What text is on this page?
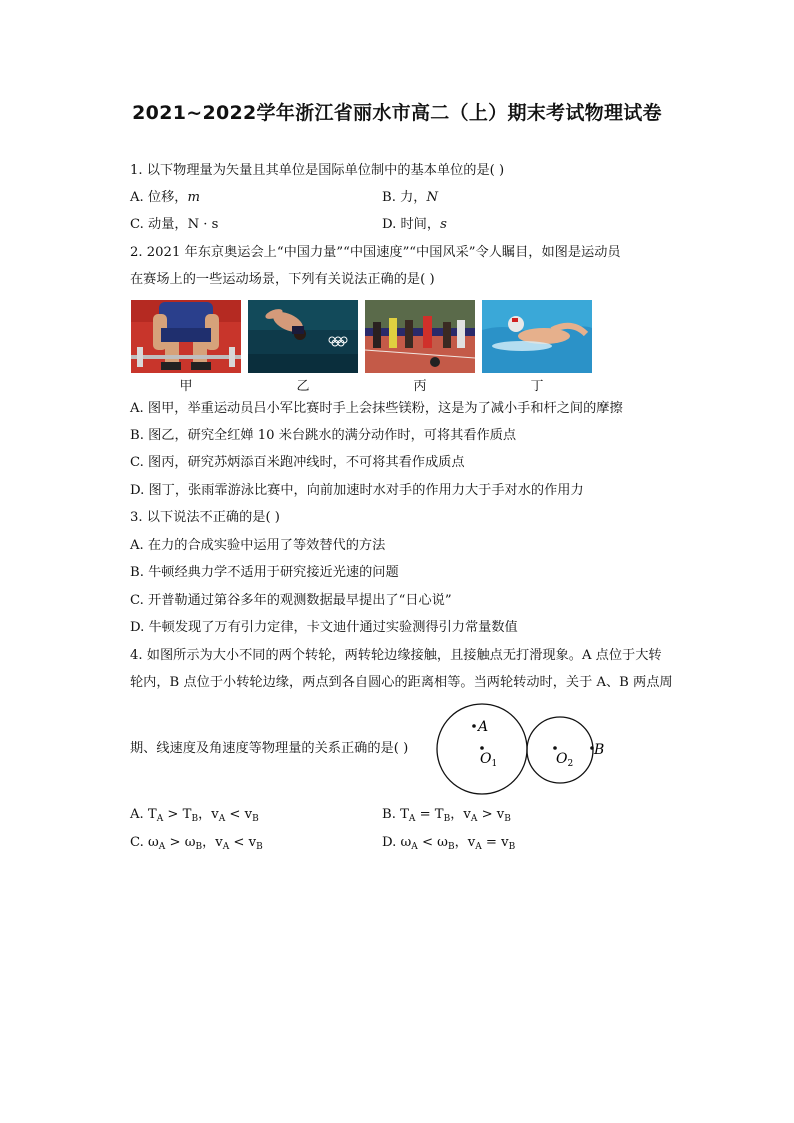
2021~2022学年浙江省丽水市高二（上）期末考试物理试卷
1. 以下物理量为矢量且其单位是国际单位制中的基本单位的是( )
A. 位移，m	B. 力，N
C. 动量，N · s	D. 时间，s
2. 2021 年东京奥运会上“中国力量”“中国速度”“中国风采”令人瞩目，如图是运动员
在赛场上的一些运动场景，下列有关说法正确的是( )
甲	乙	丙	丁
A. 图甲，举重运动员吕小军比赛时手上会抹些镁粉，这是为了减小手和杆之间的摩擦
B. 图乙，研究全红婵 10 米台跳水的满分动作时，可将其看作质点
C. 图丙，研究苏炳添百米跑冲线时，不可将其看作成质点
D. 图丁，张雨霏游泳比赛中，向前加速时水对手的作用力大于手对水的作用力
3. 以下说法不正确的是( )
A. 在力的合成实验中运用了等效替代的方法
B. 牛顿经典力学不适用于研究接近光速的问题
C. 开普勒通过第谷多年的观测数据最早提出了“日心说”
D. 牛顿发现了万有引力定律，卡文迪什通过实验测得引力常量数值
4. 如图所示为大小不同的两个转轮，两转轮边缘接触，且接触点无打滑现象。A 点位于大转
轮内，B 点位于小转轮边缘，两点到各自圆心的距离相等。当两轮转动时，关于 A、B 两点周
期、线速度及角速度等物理量的关系正确的是( )
A
$O_1$	$O_2$
B
A. $T_A > T_B$，$v_A < v_B$	B. $T_A = T_B$，$v_A > v_B$
C. $\omega_A > \omega_B$，$v_A < v_B$	D. $\omega_A < \omega_B$，$v_A = v_B$
